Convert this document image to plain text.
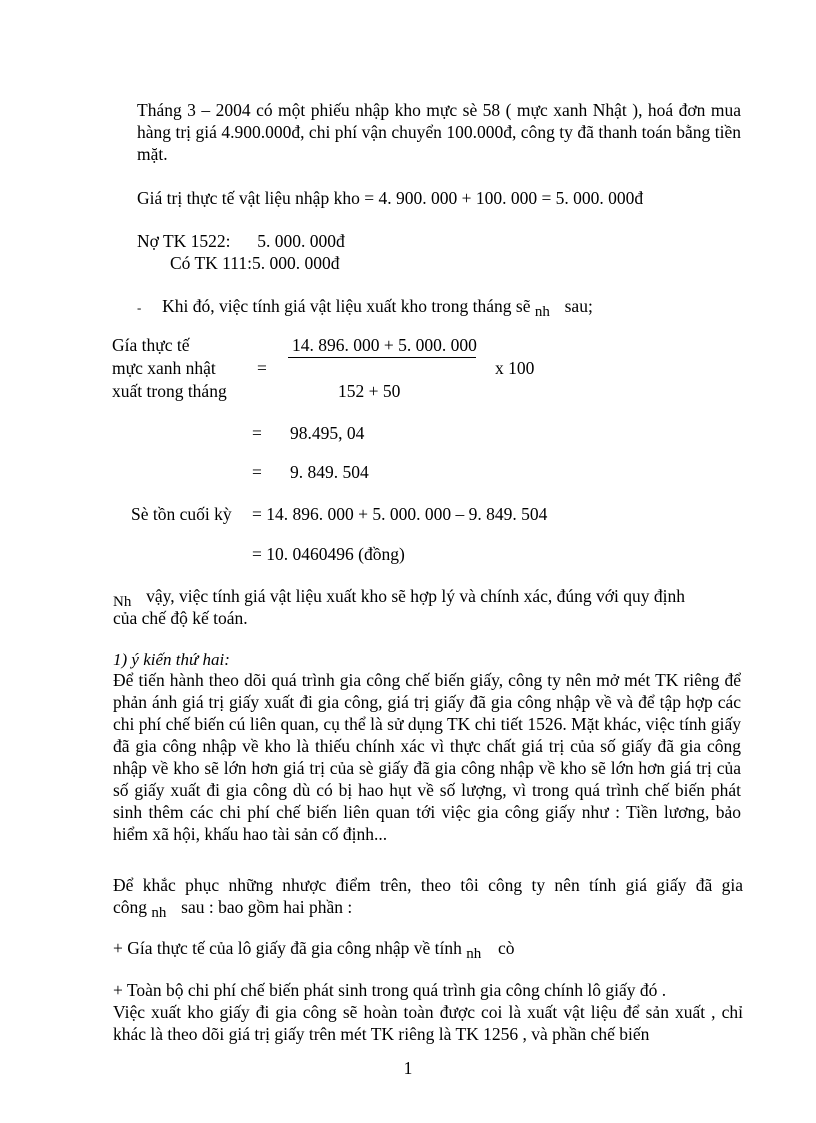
Tháng 3 – 2004 có một phiếu nhập kho mực sè 58 ( mực xanh Nhật ), hoá đơn mua hàng trị giá 4.900.000đ, chi phí vận chuyển 100.000đ, công ty đã thanh toán bằng tiền mặt.

Giá trị thực tế vật liệu nhập kho = 4. 900. 000 + 100. 000 = 5. 000. 000đ

Nợ TK 1522: 5. 000. 000đ
Có TK 111:5. 000. 000đ
- Khi đó, việc tính giá vật liệu xuất kho trong tháng sẽ nh sau;
Gía thực tế
mực xanh nhật
xuất trong tháng
=
14. 896. 000 + 5. 000. 000
152 + 50
x 100
= 98.495, 04
= 9. 849. 504
Sè tồn cuối kỳ = 14. 896. 000 + 5. 000. 000 – 9. 849. 504
= 10. 0460496 (đồng)
Nh vậy, việc tính giá vật liệu xuất kho sẽ hợp lý và chính xác, đúng với quy định
của chế độ kế toán.
1) ý kiến thứ hai:

Để tiến hành theo dõi quá trình gia công chế biến giấy, công ty nên mở mét TK riêng để phản ánh giá trị giấy xuất đi gia công, giá trị giấy đã gia công nhập về và để tập hợp các chi phí chế biến cú liên quan, cụ thể là sử dụng TK chi tiết 1526. Mặt khác, việc tính giấy đã gia công nhập về kho là thiếu chính xác vì thực chất giá trị của số giấy đã gia công nhập về kho sẽ lớn hơn giá trị của sè giấy đã gia công nhập về kho sẽ lớn hơn giá trị của số giấy xuất đi gia công dù có bị hao hụt về số lượng, vì trong quá trình chế biến phát sinh thêm các chi phí chế biến liên quan tới việc gia công giấy như : Tiền lương, bảo hiểm xã hội, khấu hao tài sản cố định...

Để khắc phục những nhược điểm trên, theo tôi công ty nên tính giá giấy đã gia
công nh sau : bao gồm hai phần :
+ Gía thực tế của lô giấy đã gia công nhập về tính nh cò
+ Toàn bộ chi phí chế biến phát sinh trong quá trình gia công chính lô giấy đó .

Việc xuất kho giấy đi gia công sẽ hoàn toàn được coi là xuất vật liệu để sản xuất , chỉ khác là theo dõi giá trị giấy trên mét TK riêng là TK 1256 , và phần chế biến

1
